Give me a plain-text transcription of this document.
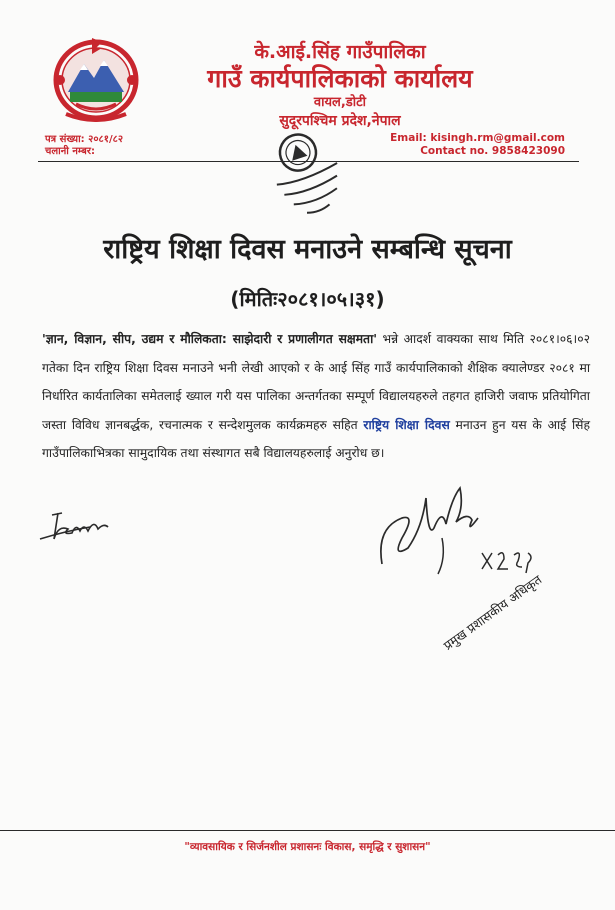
के.आई.सिंह गाउँपालिका
गाउँ कार्यपालिकाको कार्यालय
वायल,डोटी
सुदूरपश्चिम प्रदेश,नेपाल
पत्र संख्या: २०८१/८२
चलानी नम्बर:
Email: kisingh.rm@gmail.com
Contact no. 9858423090
राष्ट्रिय शिक्षा दिवस मनाउने सम्बन्धि सूचना
(मितिः२०८१।०५।३१)
'ज्ञान, विज्ञान, सीप, उद्यम र मौलिकता: साझेदारी र प्रणालीगत सक्षमता' भन्ने आदर्श वाक्यका साथ मिति २०८१।०६।०२ गतेका दिन राष्ट्रिय शिक्षा दिवस मनाउने भनी लेखी आएको र के आई सिंह गाउँ कार्यपालिकाको शैक्षिक क्यालेण्डर २०८१ मा निर्धारित कार्यतालिका समेतलाई ख्याल गरी यस पालिका अन्तर्गतका सम्पूर्ण विद्यालयहरुले तहगत हाजिरी जवाफ प्रतियोगिता जस्ता विविध ज्ञानबर्द्धक, रचनात्मक र सन्देशमुलक कार्यक्रमहरु सहित राष्ट्रिय शिक्षा दिवस मनाउन हुन यस के आई सिंह गाउँपालिकाभित्रका सामुदायिक तथा संस्थागत सबै विद्यालयहरुलाई अनुरोध छ।
प्रमुख प्रशासकीय अधिकृत
"व्यावसायिक र सिर्जनशील प्रशासनः विकास, समृद्धि र सुशासन"
